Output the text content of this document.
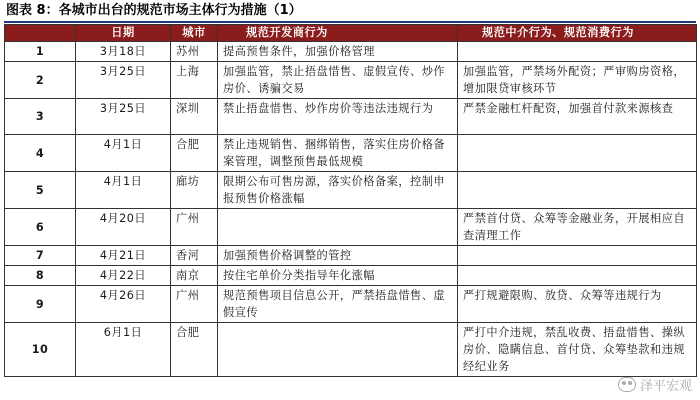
图表 8：各城市出台的规范市场主体行为措施（1）
	日期	城市	规范开发商行为	规范中介行为、规范消费行为
1	3月18日	苏州	提高预售条件，加强价格管理	
2	3月25日	上海	加强监管，禁止捂盘惜售、虚假宣传、炒作房价、诱骗交易	加强监管，严禁场外配资；严审购房资格，增加限贷审核环节
3	3月25日	深圳	禁止捂盘惜售、炒作房价等违法违规行为	严禁金融杠杆配资，加强首付款来源核查
4	4月1日	合肥	禁止违规销售、捆绑销售，落实住房价格备案管理，调整预售最低规模	
5	4月1日	廊坊	限期公布可售房源，落实价格备案，控制申报预售价格涨幅	
6	4月20日	广州		严禁首付贷、众筹等金融业务，开展相应自查清理工作
7	4月21日	香河	加强预售价格调整的管控	
8	4月22日	南京	按住宅单价分类指导年化涨幅	
9	4月26日	广州	规范预售项目信息公开，严禁捂盘惜售、虚假宣传	严打规避限购、放贷、众筹等违规行为
10	6月1日	合肥		严打中介违规，禁乱收费、捂盘惜售、操纵房价、隐瞒信息、首付贷、众筹垫款和违规经纪业务
泽平宏观
